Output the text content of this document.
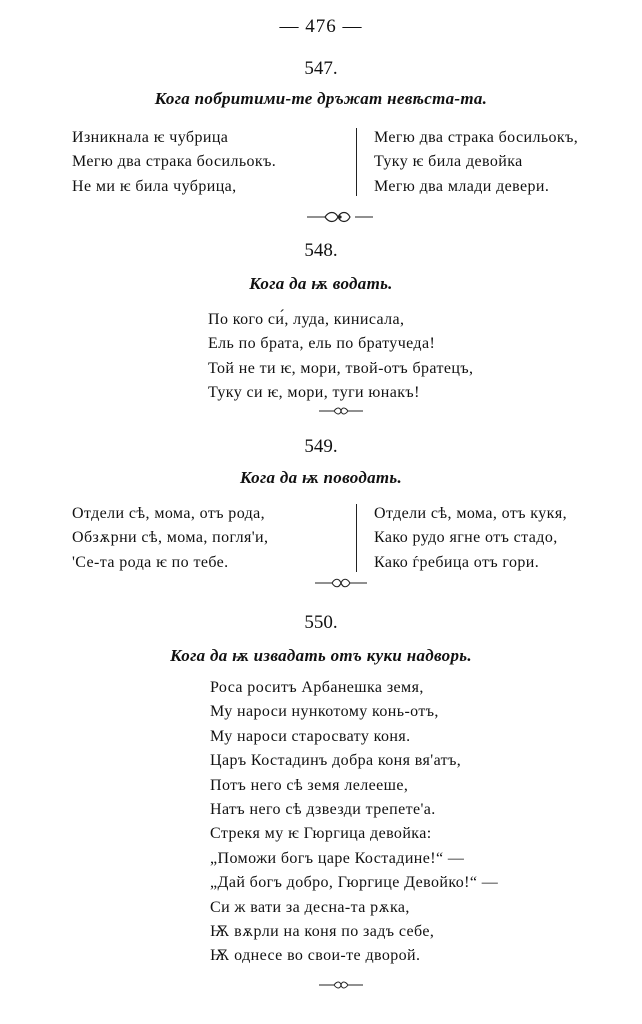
— 476 —
547.
Кога побритими-те дръжат невѣста-та.
Изникнала ѥ чубрица
Мегю два страка босильокъ.
Не ми ѥ била чубрица,
Мегю два страка босильокъ,
Туку ѥ била девойка
Мегю два млади девери.
548.
Кога да ѭ водать.
По кого си́, луда, кинисала,
Ель по брата, ель по братучеда!
Той не ти ѥ, мори, твой-отъ братецъ,
Туку си ѥ, мори, туги юнакъ!
549.
Кога да ѭ поводать.
Отдели сѣ, мома, отъ рода,
Обзѫрни сѣ, мома, погля'и,
'Се-та рода ѥ по тебе.
Отдели сѣ, мома, отъ кукя,
Како рудо ягне отъ стадо,
Како ѓребица отъ гори.
550.
Кога да ѭ извадать отъ куки надворь.
Роса роситъ Арбанешка земя,
Му нароси нункотому конь-отъ,
Му нароси старосвату коня.
Царъ Костадинъ добра коня вя'атъ,
Потъ него сѣ земя лелееше,
Натъ него сѣ дзвезди трепете'а.
Стрекя му ѥ Гюргица девойка:
„Поможи богъ царе Костадине!“ —
„Дай богъ добро, Гюргице Девойко!“ —
Си ж вати за десна-та рѫка,
Ѭ вѫрли на коня по задъ себе,
Ѭ однесе во свои-те дворой.
